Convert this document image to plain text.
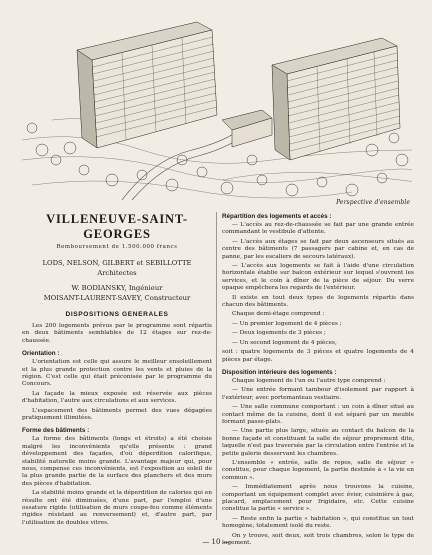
Perspective d'ensemble
VILLENEUVE-SAINT-GEORGES
Remboursement de 1.500.000 francs
LODS, NELSON, GILBERT et SEBILLOTTE
Architectes
W. BODIANSKY, Ingénieur
MOISANT-LAURENT-SAVEY, Constructeur
DISPOSITIONS GENERALES

Les 200 logements prévus par le programme sont répartis en deux bâtiments semblables de 12 étages sur rez-de-chaussée.

Orientation :

L'orientation est celle qui assure le meilleur ensoleillement et la plus grande protection contre les vents et pluies de la région. C'est celle qui était préconisée par le programme du Concours.

La façade la mieux exposée est réservée aux pièces d'habitation, l'autre aux circulations et aux services.

L'espacement des bâtiments permet des vues dégagées pratiquement illimitées.

Forme des bâtiments :

La forme des bâtiments (longs et étroits) a été choisie malgré les inconvénients qu'elle présente : grand développement des façades, d'où déperdition calorifique, stabilité naturelle moins grande. L'avantage majeur qui, pour nous, compense ces inconvénients, est l'exposition au soleil de la plus grande partie de la surface des planchers et des murs des pièces d'habitation.

La stabilité moins grande et la déperdition de calories qui en résulte ont été diminuées, d'une part, par l'emploi d'une ossature rigide (utilisation de murs coupe-feu comme éléments rigides résistant au renversement) et, d'autre part, par l'utilisation de doubles vitres.

Répartition des logements et accès :

— L'accès au rez-de-chaussée se fait par une grande entrée commandant le vestibule d'attente.

— L'accès aux étages se fait par deux ascenseurs situés au centre des bâtiments (7 passagers par cabine et, en cas de panne, par les escaliers de secours latéraux).

— L'accès aux logements se fait à l'aide d'une circulation horizontale établie sur balcon extérieur sur lequel s'ouvrent les services, et le coin à dîner de la pièce de séjour. Du verre opaque empêchera les regards de l'extérieur.

Il existe en tout deux types de logements répartis dans chacun des bâtiments.

Chaque demi-étage comprend :

— Un premier logement de 4 pièces ;

— Deux logements de 3 pièces ;

— Un second logement de 4 pièces,

soit : quatre logements de 3 pièces et quatre logements de 4 pièces par étage.

Disposition intérieure des logements :

Chaque logement de l'un ou l'autre type comprend :

— Une entrée formant tambour d'isolement par rapport à l'extérieur, avec portemanteau vestiaire.

— Une salle commune comportant : un coin à dîner situé au contact même de la cuisine, dont il est séparé par un meuble formant passe-plats.

— Une partie plus large, située au contact du balcon de la bonne façade et constituant la salle de séjour proprement dite, laquelle n'est pas traversée par la circulation entre l'entrée et la petite galerie desservant les chambres.

L'ensemble « entrée, salle de repos, salle de séjour » constitue, pour chaque logement, la partie destinée à « la vie en commun ».

— Immédiatement après nous trouvons la cuisine, comportant un équipement complet avec évier, cuisinière à gaz, placard, emplacement pour frigidaire, etc. Cette cuisine constitue la partie « service ».

— Reste enfin la partie « habitation », qui constitue un tout homogène, totalement isolé du reste.

On y trouve, soit deux, soit trois chambres, selon le type de logement.

— 10 —
